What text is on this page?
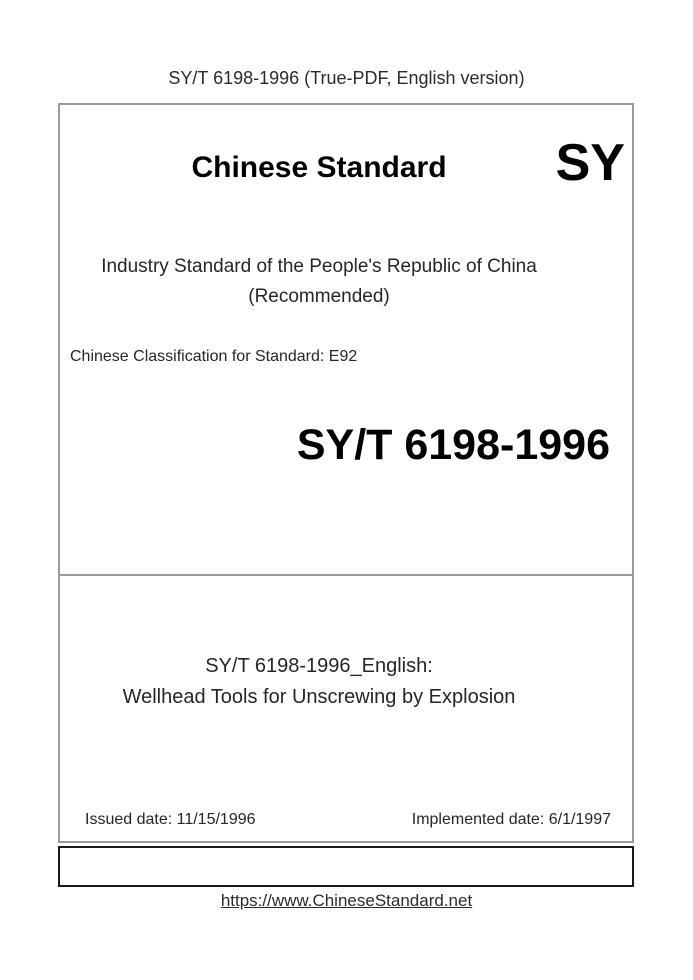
SY/T 6198-1996 (True-PDF, English version)
Chinese Standard	SY
Industry Standard of the People's Republic of China
(Recommended)
Chinese Classification for Standard: E92
SY/T 6198-1996
SY/T 6198-1996_English:
Wellhead Tools for Unscrewing by Explosion
Issued date: 11/15/1996	Implemented date: 6/1/1997
https://www.ChineseStandard.net
